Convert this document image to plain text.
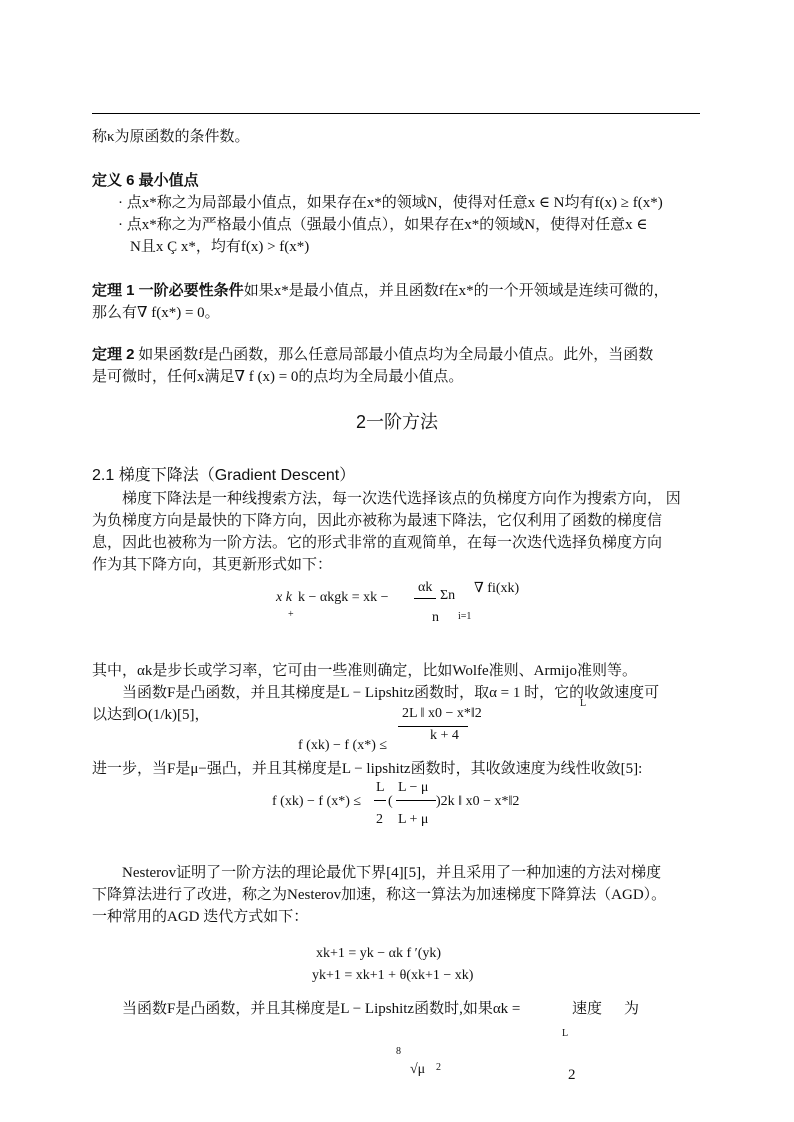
称κ为原函数的条件数。
定义 6 最小值点
· 点x*称之为局部最小值点，如果存在x*的领域N，使得对任意x ∈ N均有f(x) ≥ f(x*)
· 点x*称之为严格最小值点（强最小值点），如果存在x*的领域N，使得对任意x ∈
N且x Ç x*，均有f(x) > f(x*)
定理 1 一阶必要性条件如果x*是最小值点，并且函数f在x*的一个开领域是连续可微的，
那么有∇ f(x*) = 0。
定理 2 如果函数f是凸函数，那么任意局部最小值点均为全局最小值点。此外，当函数
是可微时，任何x满足∇ f (x) = 0的点均为全局最小值点。
2一阶方法
2.1 梯度下降法（Gradient Descent）
梯度下降法是一种线搜索方法，每一次迭代选择该点的负梯度方向作为搜索方向， 因
为负梯度方向是最快的下降方向，因此亦被称为最速下降法，它仅利用了函数的梯度信
息，因此也被称为一阶方法。它的形式非常的直观简单，在每一次迭代选择负梯度方向
作为其下降方向，其更新形式如下：
x k k − αkgk = xk −
+
αk
n
Σn
i=1
∇ fi(xk)
其中，αk是步长或学习率，它可由一些准则确定，比如Wolfe准则、Armijo准则等。
当函数F是凸函数，并且其梯度是L − Lipshitz函数时，取α = 1 时，它的收敛速度可
L
以达到O(1/k)[5]，	2L ‖ x0 − x*‖2
k + 4
f (xk) − f (x*) ≤
进一步，当F是μ−强凸，并且其梯度是L − lipshitz函数时，其收敛速度为线性收敛[5]:
f (xk) − f (x*) ≤
L
(
L − μ
)2k ‖ x0 − x*‖2
2 L + μ
Nesterov证明了一阶方法的理论最优下界[4][5]，并且采用了一种加速的方法对梯度
下降算法进行了改进，称之为Nesterov加速，称这一算法为加速梯度下降算法（AGD）。
一种常用的AGD 迭代方式如下：
xk+1 = yk − αk f ′(yk)
yk+1 = xk+1 + θ(xk+1 − xk)
当函数F是凸函数，并且其梯度是L − Lipshitz函数时,如果αk =	速度 为
L
8
√μ 2	2
